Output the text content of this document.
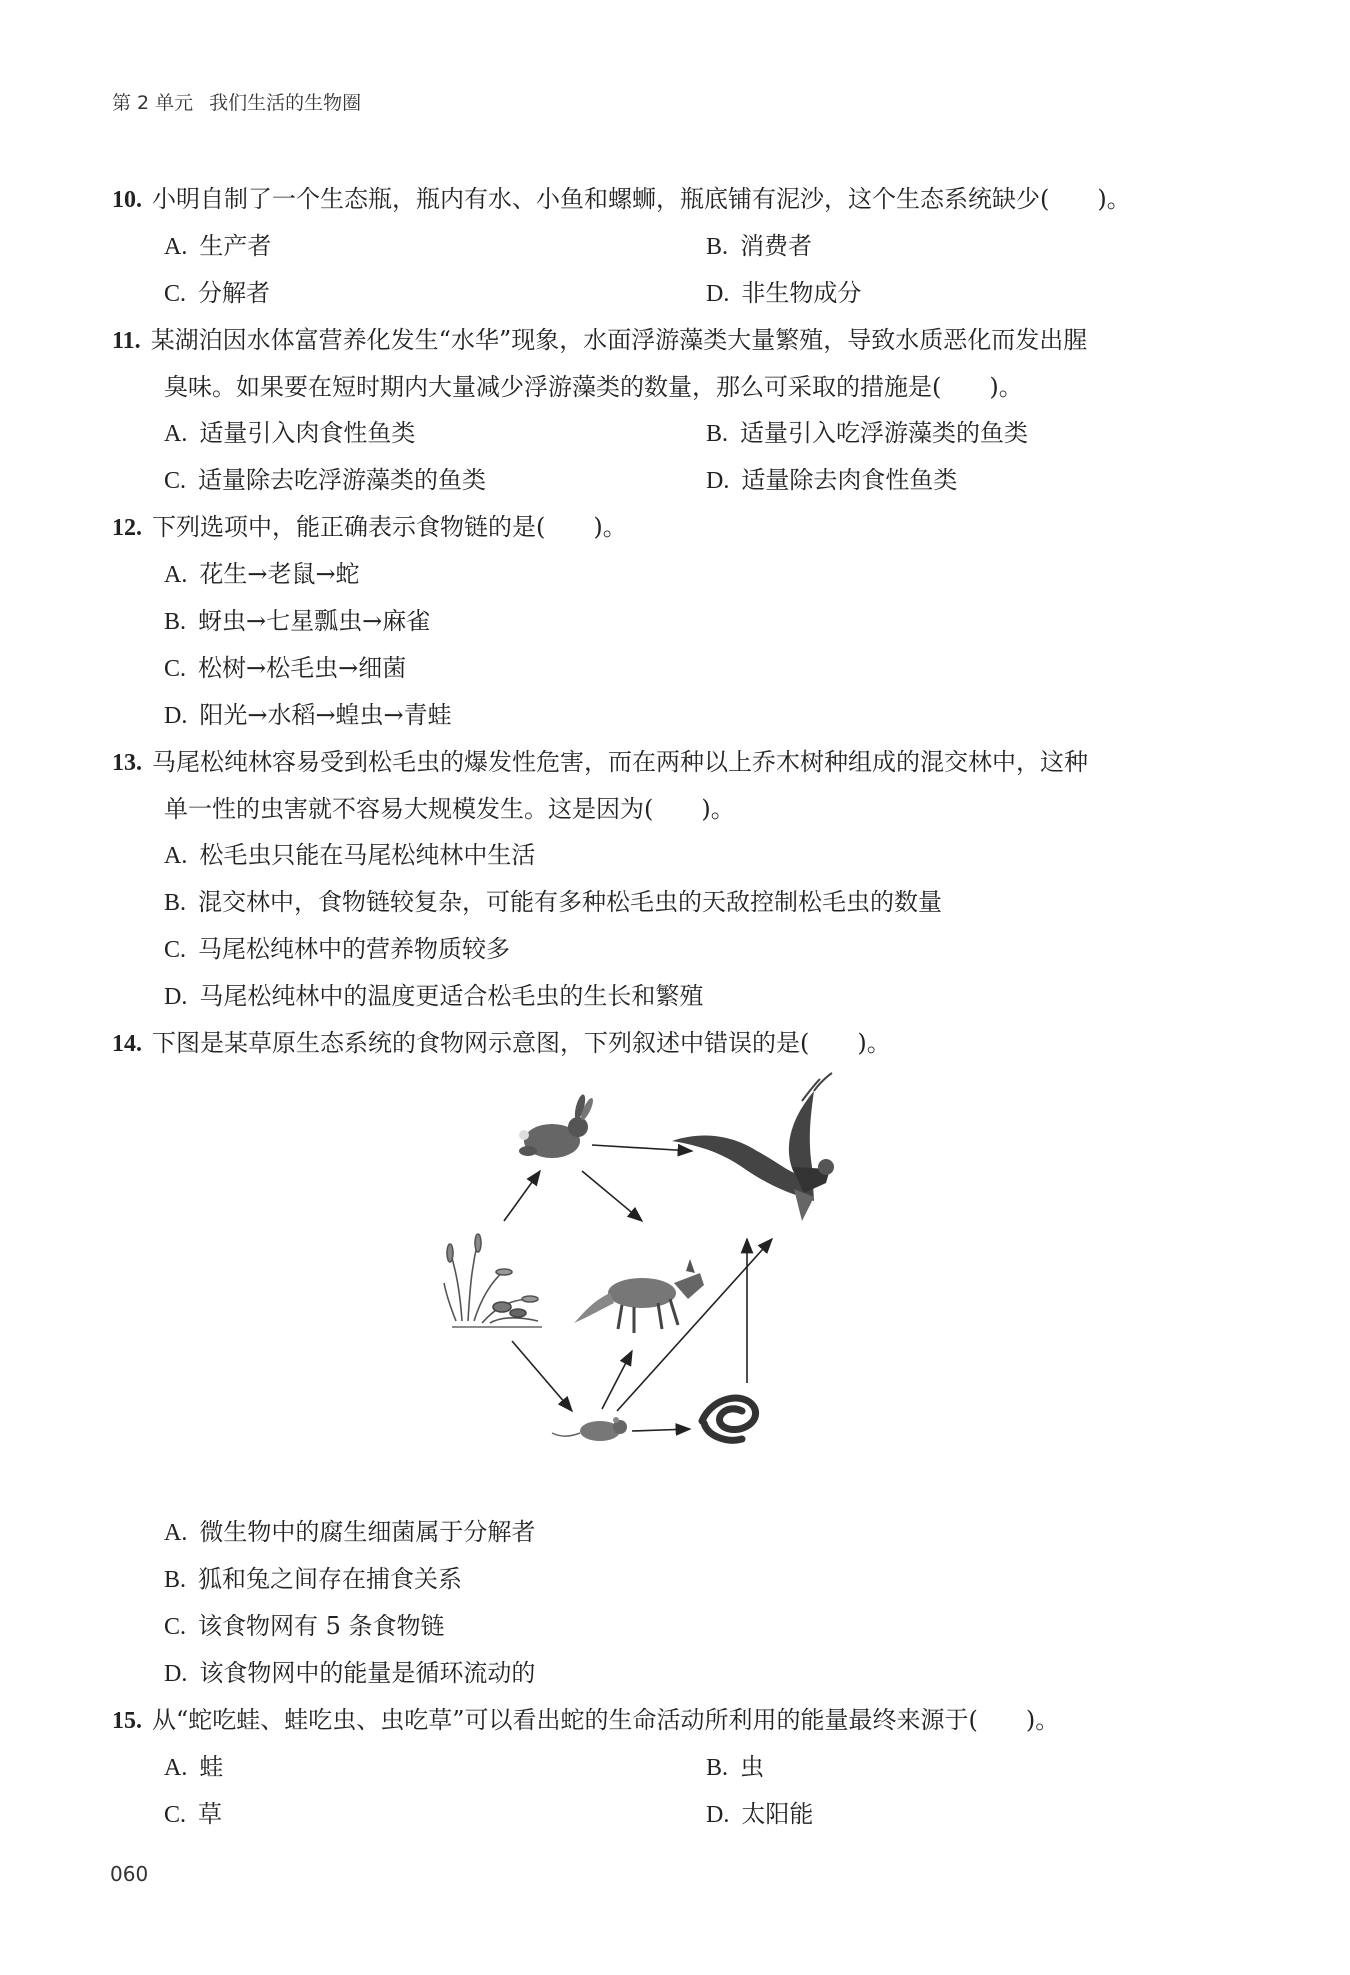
第 2 单元 我们生活的生物圈
10. 小明自制了一个生态瓶，瓶内有水、小鱼和螺蛳，瓶底铺有泥沙，这个生态系统缺少(　　)。
A. 生产者	B. 消费者
C. 分解者	D. 非生物成分
11. 某湖泊因水体富营养化发生“水华”现象，水面浮游藻类大量繁殖，导致水质恶化而发出腥
臭味。如果要在短时期内大量减少浮游藻类的数量，那么可采取的措施是(　　)。
A. 适量引入肉食性鱼类	B. 适量引入吃浮游藻类的鱼类
C. 适量除去吃浮游藻类的鱼类	D. 适量除去肉食性鱼类
12. 下列选项中，能正确表示食物链的是(　　)。
A. 花生→老鼠→蛇
B. 蚜虫→七星瓢虫→麻雀
C. 松树→松毛虫→细菌
D. 阳光→水稻→蝗虫→青蛙
13. 马尾松纯林容易受到松毛虫的爆发性危害，而在两种以上乔木树种组成的混交林中，这种
单一性的虫害就不容易大规模发生。这是因为(　　)。
A. 松毛虫只能在马尾松纯林中生活
B. 混交林中，食物链较复杂，可能有多种松毛虫的天敌控制松毛虫的数量
C. 马尾松纯林中的营养物质较多
D. 马尾松纯林中的温度更适合松毛虫的生长和繁殖
14. 下图是某草原生态系统的食物网示意图，下列叙述中错误的是(　　)。
A. 微生物中的腐生细菌属于分解者
B. 狐和兔之间存在捕食关系
C. 该食物网有 5 条食物链
D. 该食物网中的能量是循环流动的
15. 从“蛇吃蛙、蛙吃虫、虫吃草”可以看出蛇的生命活动所利用的能量最终来源于(　　)。
A. 蛙	B. 虫
C. 草	D. 太阳能
060
